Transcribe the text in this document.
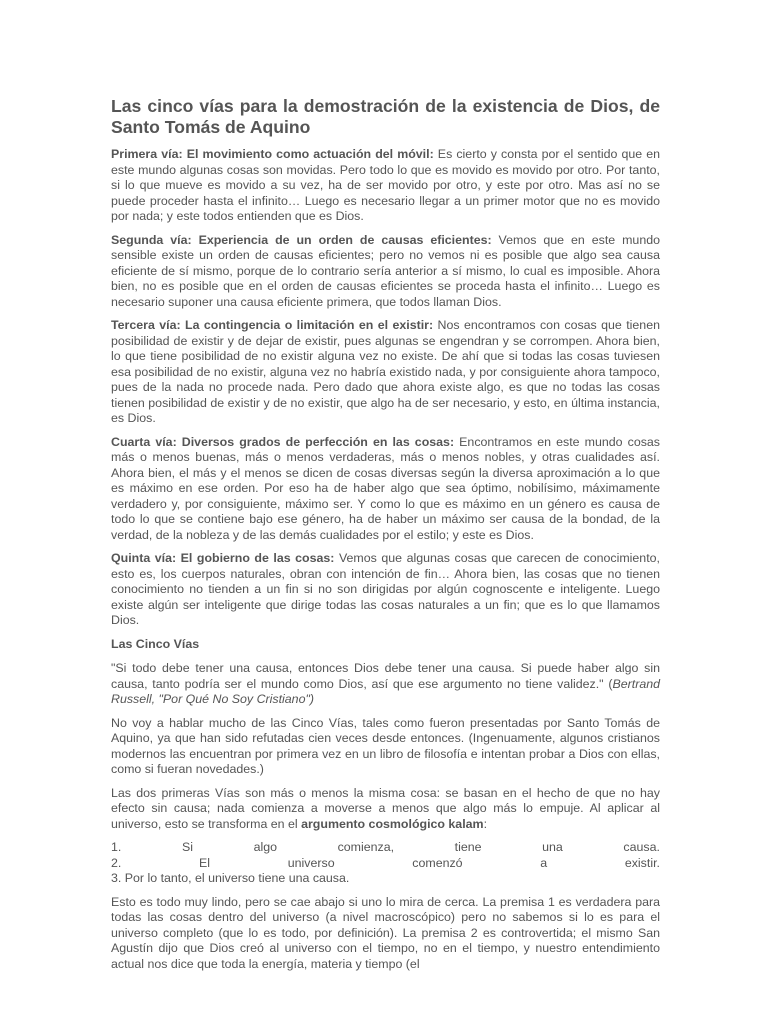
Las cinco vías para la demostración de la existencia de Dios, de Santo Tomás de Aquino

Primera vía: El movimiento como actuación del móvil: Es cierto y consta por el sentido que en este mundo algunas cosas son movidas. Pero todo lo que es movido es movido por otro. Por tanto, si lo que mueve es movido a su vez, ha de ser movido por otro, y este por otro. Mas así no se puede proceder hasta el infinito… Luego es necesario llegar a un primer motor que no es movido por nada; y este todos entienden que es Dios.

Segunda vía: Experiencia de un orden de causas eficientes: Vemos que en este mundo sensible existe un orden de causas eficientes; pero no vemos ni es posible que algo sea causa eficiente de sí mismo, porque de lo contrario sería anterior a sí mismo, lo cual es imposible. Ahora bien, no es posible que en el orden de causas eficientes se proceda hasta el infinito… Luego es necesario suponer una causa eficiente primera, que todos llaman Dios.

Tercera vía: La contingencia o limitación en el existir: Nos encontramos con cosas que tienen posibilidad de existir y de dejar de existir, pues algunas se engendran y se corrompen. Ahora bien, lo que tiene posibilidad de no existir alguna vez no existe. De ahí que si todas las cosas tuviesen esa posibilidad de no existir, alguna vez no habría existido nada, y por consiguiente ahora tampoco, pues de la nada no procede nada. Pero dado que ahora existe algo, es que no todas las cosas tienen posibilidad de existir y de no existir, que algo ha de ser necesario, y esto, en última instancia, es Dios.

Cuarta vía: Diversos grados de perfección en las cosas: Encontramos en este mundo cosas más o menos buenas, más o menos verdaderas, más o menos nobles, y otras cualidades así. Ahora bien, el más y el menos se dicen de cosas diversas según la diversa aproximación a lo que es máximo en ese orden. Por eso ha de haber algo que sea óptimo, nobilísimo, máximamente verdadero y, por consiguiente, máximo ser. Y como lo que es máximo en un género es causa de todo lo que se contiene bajo ese género, ha de haber un máximo ser causa de la bondad, de la verdad, de la nobleza y de las demás cualidades por el estilo; y este es Dios.

Quinta vía: El gobierno de las cosas: Vemos que algunas cosas que carecen de conocimiento, esto es, los cuerpos naturales, obran con intención de fin… Ahora bien, las cosas que no tienen conocimiento no tienden a un fin si no son dirigidas por algún cognoscente e inteligente. Luego existe algún ser inteligente que dirige todas las cosas naturales a un fin; que es lo que llamamos Dios.

Las Cinco Vías

"Si todo debe tener una causa, entonces Dios debe tener una causa. Si puede haber algo sin causa, tanto podría ser el mundo como Dios, así que ese argumento no tiene validez." (Bertrand Russell, "Por Qué No Soy Cristiano")

No voy a hablar mucho de las Cinco Vías, tales como fueron presentadas por Santo Tomás de Aquino, ya que han sido refutadas cien veces desde entonces. (Ingenuamente, algunos cristianos modernos las encuentran por primera vez en un libro de filosofía e intentan probar a Dios con ellas, como si fueran novedades.)

Las dos primeras Vías son más o menos la misma cosa: se basan en el hecho de que no hay efecto sin causa; nada comienza a moverse a menos que algo más lo empuje. Al aplicar al universo, esto se transforma en el argumento cosmológico kalam:

1.	Si	algo	comienza,	tiene	una	causa.
2.	El	universo	comenzó	a	existir.
3. Por lo tanto, el universo tiene una causa.

Esto es todo muy lindo, pero se cae abajo si uno lo mira de cerca. La premisa 1 es verdadera para todas las cosas dentro del universo (a nivel macroscópico) pero no sabemos si lo es para el universo completo (que lo es todo, por definición). La premisa 2 es controvertida; el mismo San Agustín dijo que Dios creó al universo con el tiempo, no en el tiempo, y nuestro entendimiento actual nos dice que toda la energía, materia y tiempo (el
